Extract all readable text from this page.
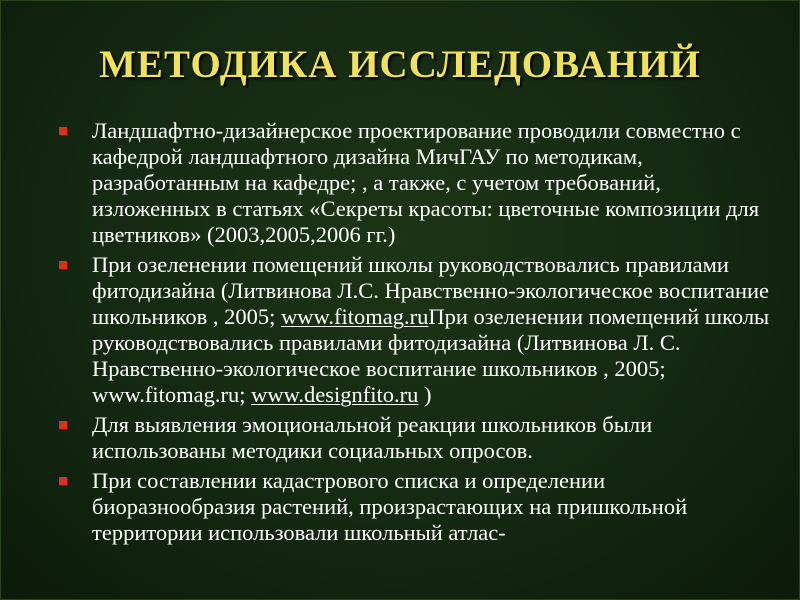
МЕТОДИКА ИССЛЕДОВАНИЙ
Ландшафтно-дизайнерское проектирование проводили совместно с кафедрой ландшафтного дизайна МичГАУ по методикам, разработанным на кафедре; , а также, с учетом требований, изложенных в статьях «Секреты красоты: цветочные композиции для цветников» (2003,2005,2006 гг.)
При озеленении помещений школы руководствовались правилами фитодизайна (Литвинова Л.С. Нравственно-экологическое воспитание школьников , 2005; www.fitomag.ruПри озеленении помещений школы руководствовались правилами фитодизайна (Литвинова Л. С. Нравственно-экологическое воспитание школьников , 2005; www.fitomag.ru; www.designfito.ru )
Для выявления эмоциональной реакции школьников были использованы методики социальных опросов.
При составлении кадастрового списка и определении биоразнообразия растений, произрастающих на пришкольной территории использовали школьный атлас-
